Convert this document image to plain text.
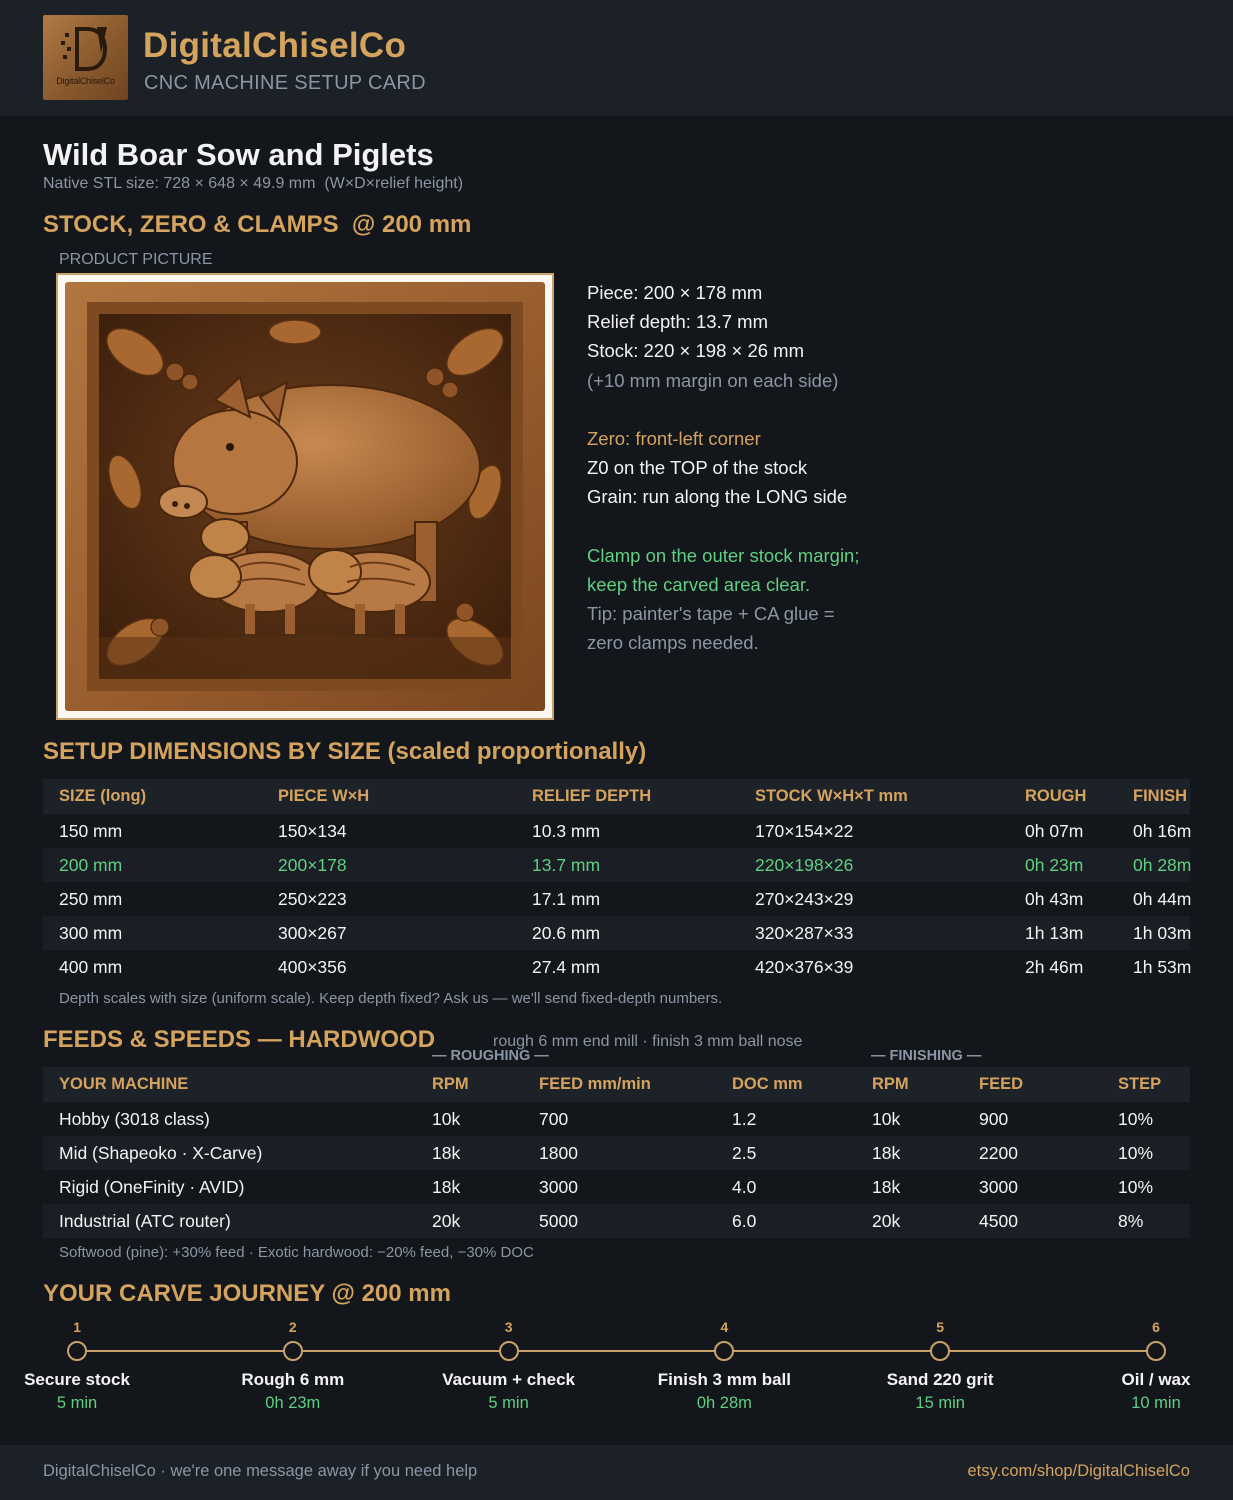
DigitalChiselCo
DigitalChiselCo
CNC MACHINE SETUP CARD
Wild Boar Sow and Piglets
Native STL size: 728 × 648 × 49.9 mm  (W×D×relief height)
STOCK, ZERO & CLAMPS  @ 200 mm
PRODUCT PICTURE
Piece: 200 × 178 mm
Relief depth: 13.7 mm
Stock: 220 × 198 × 26 mm
(+10 mm margin on each side)
Zero: front-left corner
Z0 on the TOP of the stock
Grain: run along the LONG side
Clamp on the outer stock margin;
keep the carved area clear.
Tip: painter's tape + CA glue =
zero clamps needed.
SETUP DIMENSIONS BY SIZE (scaled proportionally)
SIZE (long)	PIECE W×H	RELIEF DEPTH	STOCK W×H×T mm	ROUGH	FINISH
150 mm	150×134	10.3 mm	170×154×22	0h 07m	0h 16m
200 mm	200×178	13.7 mm	220×198×26	0h 23m	0h 28m
250 mm	250×223	17.1 mm	270×243×29	0h 43m	0h 44m
300 mm	300×267	20.6 mm	320×287×33	1h 13m	1h 03m
400 mm	400×356	27.4 mm	420×376×39	2h 46m	1h 53m
Depth scales with size (uniform scale). Keep depth fixed? Ask us — we'll send fixed-depth numbers.
FEEDS & SPEEDS — HARDWOOD	rough 6 mm end mill · finish 3 mm ball nose
— ROUGHING —	— FINISHING —
YOUR MACHINE	RPM	FEED mm/min	DOC mm	RPM	FEED	STEP
Hobby (3018 class)	10k	700	1.2	10k	900	10%
Mid (Shapeoko · X-Carve)	18k	1800	2.5	18k	2200	10%
Rigid (OneFinity · AVID)	18k	3000	4.0	18k	3000	10%
Industrial (ATC router)	20k	5000	6.0	20k	4500	8%
Softwood (pine): +30% feed · Exotic hardwood: −20% feed, −30% DOC
YOUR CARVE JOURNEY @ 200 mm
1
Secure stock
5 min
2
Rough 6 mm
0h 23m
3
Vacuum + check
5 min
4
Finish 3 mm ball
0h 28m
5
Sand 220 grit
15 min
6
Oil / wax
10 min
DigitalChiselCo · we're one message away if you need help	etsy.com/shop/DigitalChiselCo
